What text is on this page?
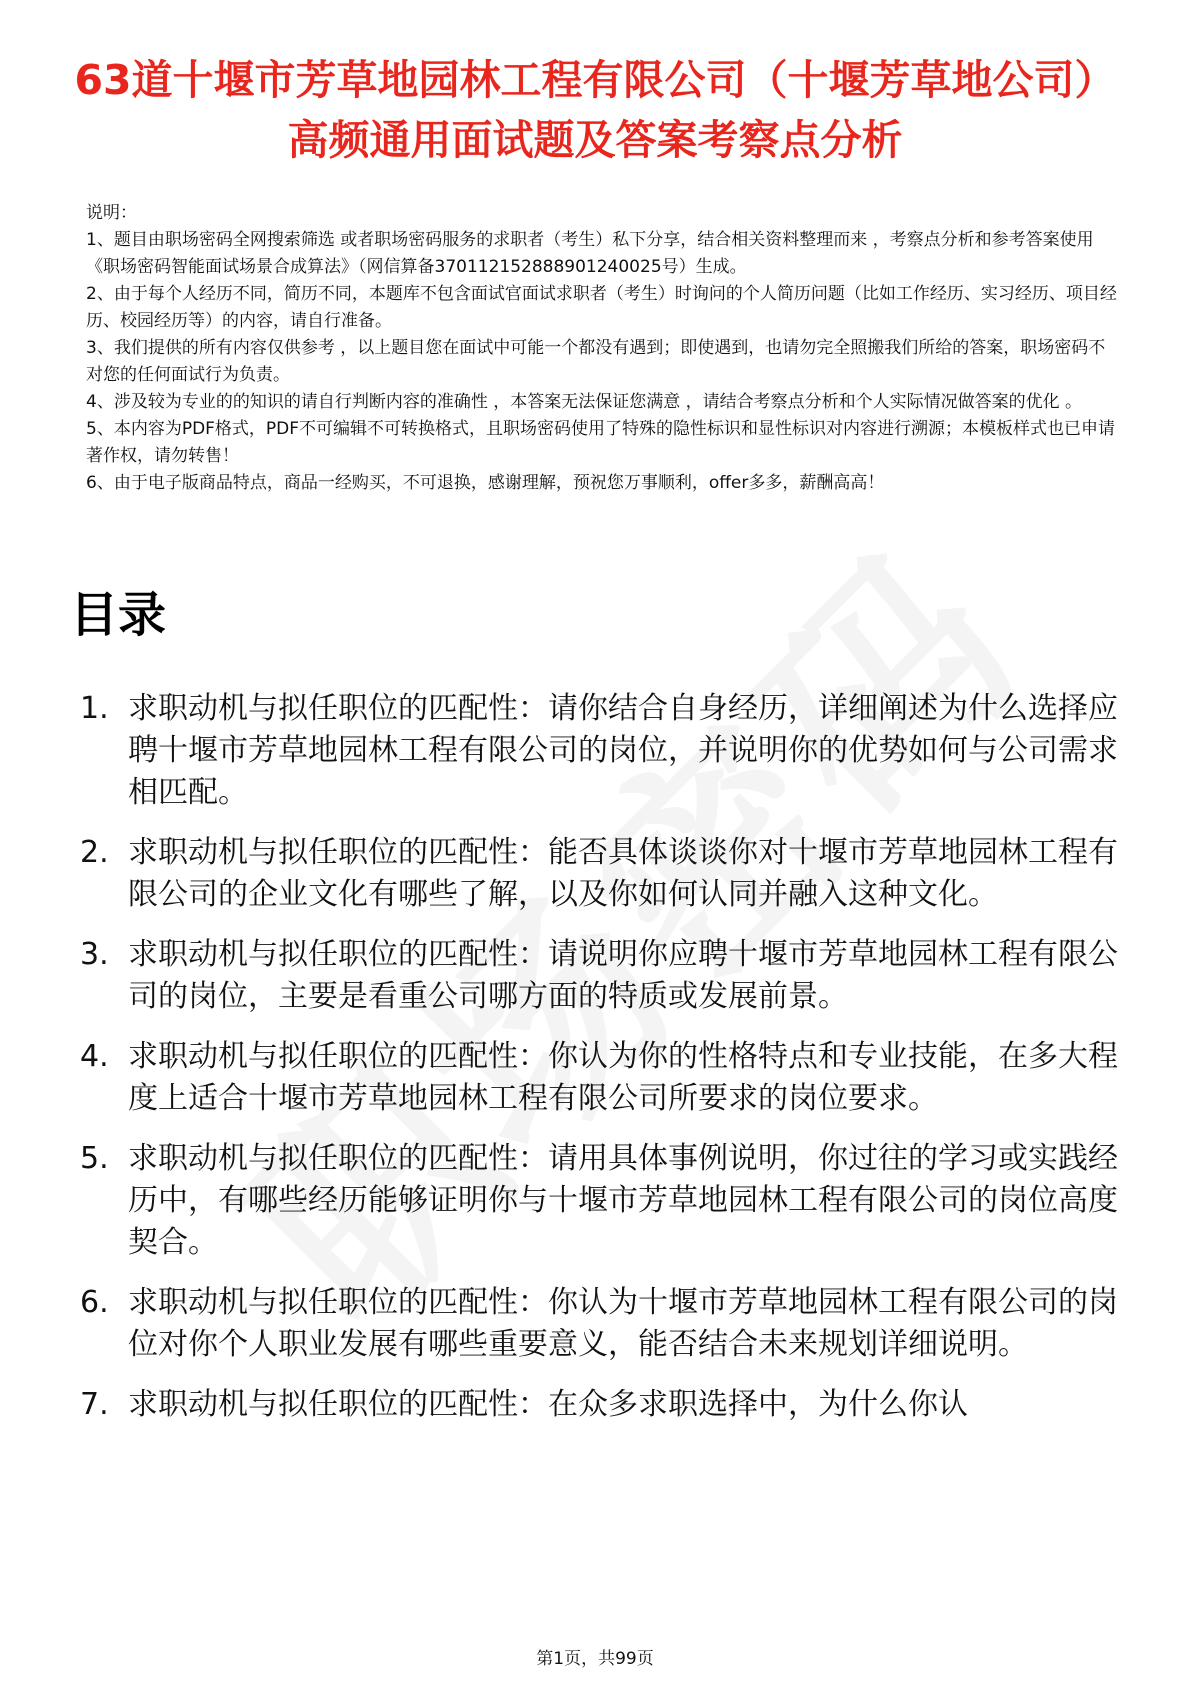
63道十堰市芳草地园林工程有限公司（十堰芳草地公司）高频通用面试题及答案考察点分析
说明：
1、题目由职场密码全网搜索筛选 或者职场密码服务的求职者（考生）私下分享，结合相关资料整理而来 ，考察点分析和参考答案使用《职场密码智能面试场景合成算法》（网信算备370112152888901240025号）生成。
2、由于每个人经历不同，简历不同，本题库不包含面试官面试求职者（考生）时询问的个人简历问题（比如工作经历、实习经历、项目经历、校园经历等）的内容，请自行准备。
3、我们提供的所有内容仅供参考 ，以上题目您在面试中可能一个都没有遇到；即使遇到，也请勿完全照搬我们所给的答案，职场密码不对您的任何面试行为负责。
4、涉及较为专业的的知识的请自行判断内容的准确性 ，本答案无法保证您满意 ，请结合考察点分析和个人实际情况做答案的优化 。
5、本内容为PDF格式，PDF不可编辑不可转换格式，且职场密码使用了特殊的隐性标识和显性标识对内容进行溯源；本模板样式也已申请著作权，请勿转售！
6、由于电子版商品特点，商品一经购买，不可退换，感谢理解，预祝您万事顺利，offer多多，薪酬高高！
目录
1. 求职动机与拟任职位的匹配性：请你结合自身经历，详细阐述为什么选择应聘十堰市芳草地园林工程有限公司的岗位，并说明你的优势如何与公司需求相匹配。
2. 求职动机与拟任职位的匹配性：能否具体谈谈你对十堰市芳草地园林工程有限公司的企业文化有哪些了解，以及你如何认同并融入这种文化。
3. 求职动机与拟任职位的匹配性：请说明你应聘十堰市芳草地园林工程有限公司的岗位，主要是看重公司哪方面的特质或发展前景。
4. 求职动机与拟任职位的匹配性：你认为你的性格特点和专业技能，在多大程度上适合十堰市芳草地园林工程有限公司所要求的岗位要求。
5. 求职动机与拟任职位的匹配性：请用具体事例说明，你过往的学习或实践经历中，有哪些经历能够证明你与十堰市芳草地园林工程有限公司的岗位高度契合。
6. 求职动机与拟任职位的匹配性：你认为十堰市芳草地园林工程有限公司的岗位对你个人职业发展有哪些重要意义，能否结合未来规划详细说明。
7. 求职动机与拟任职位的匹配性：在众多求职选择中，为什么你认
第1页，共99页
